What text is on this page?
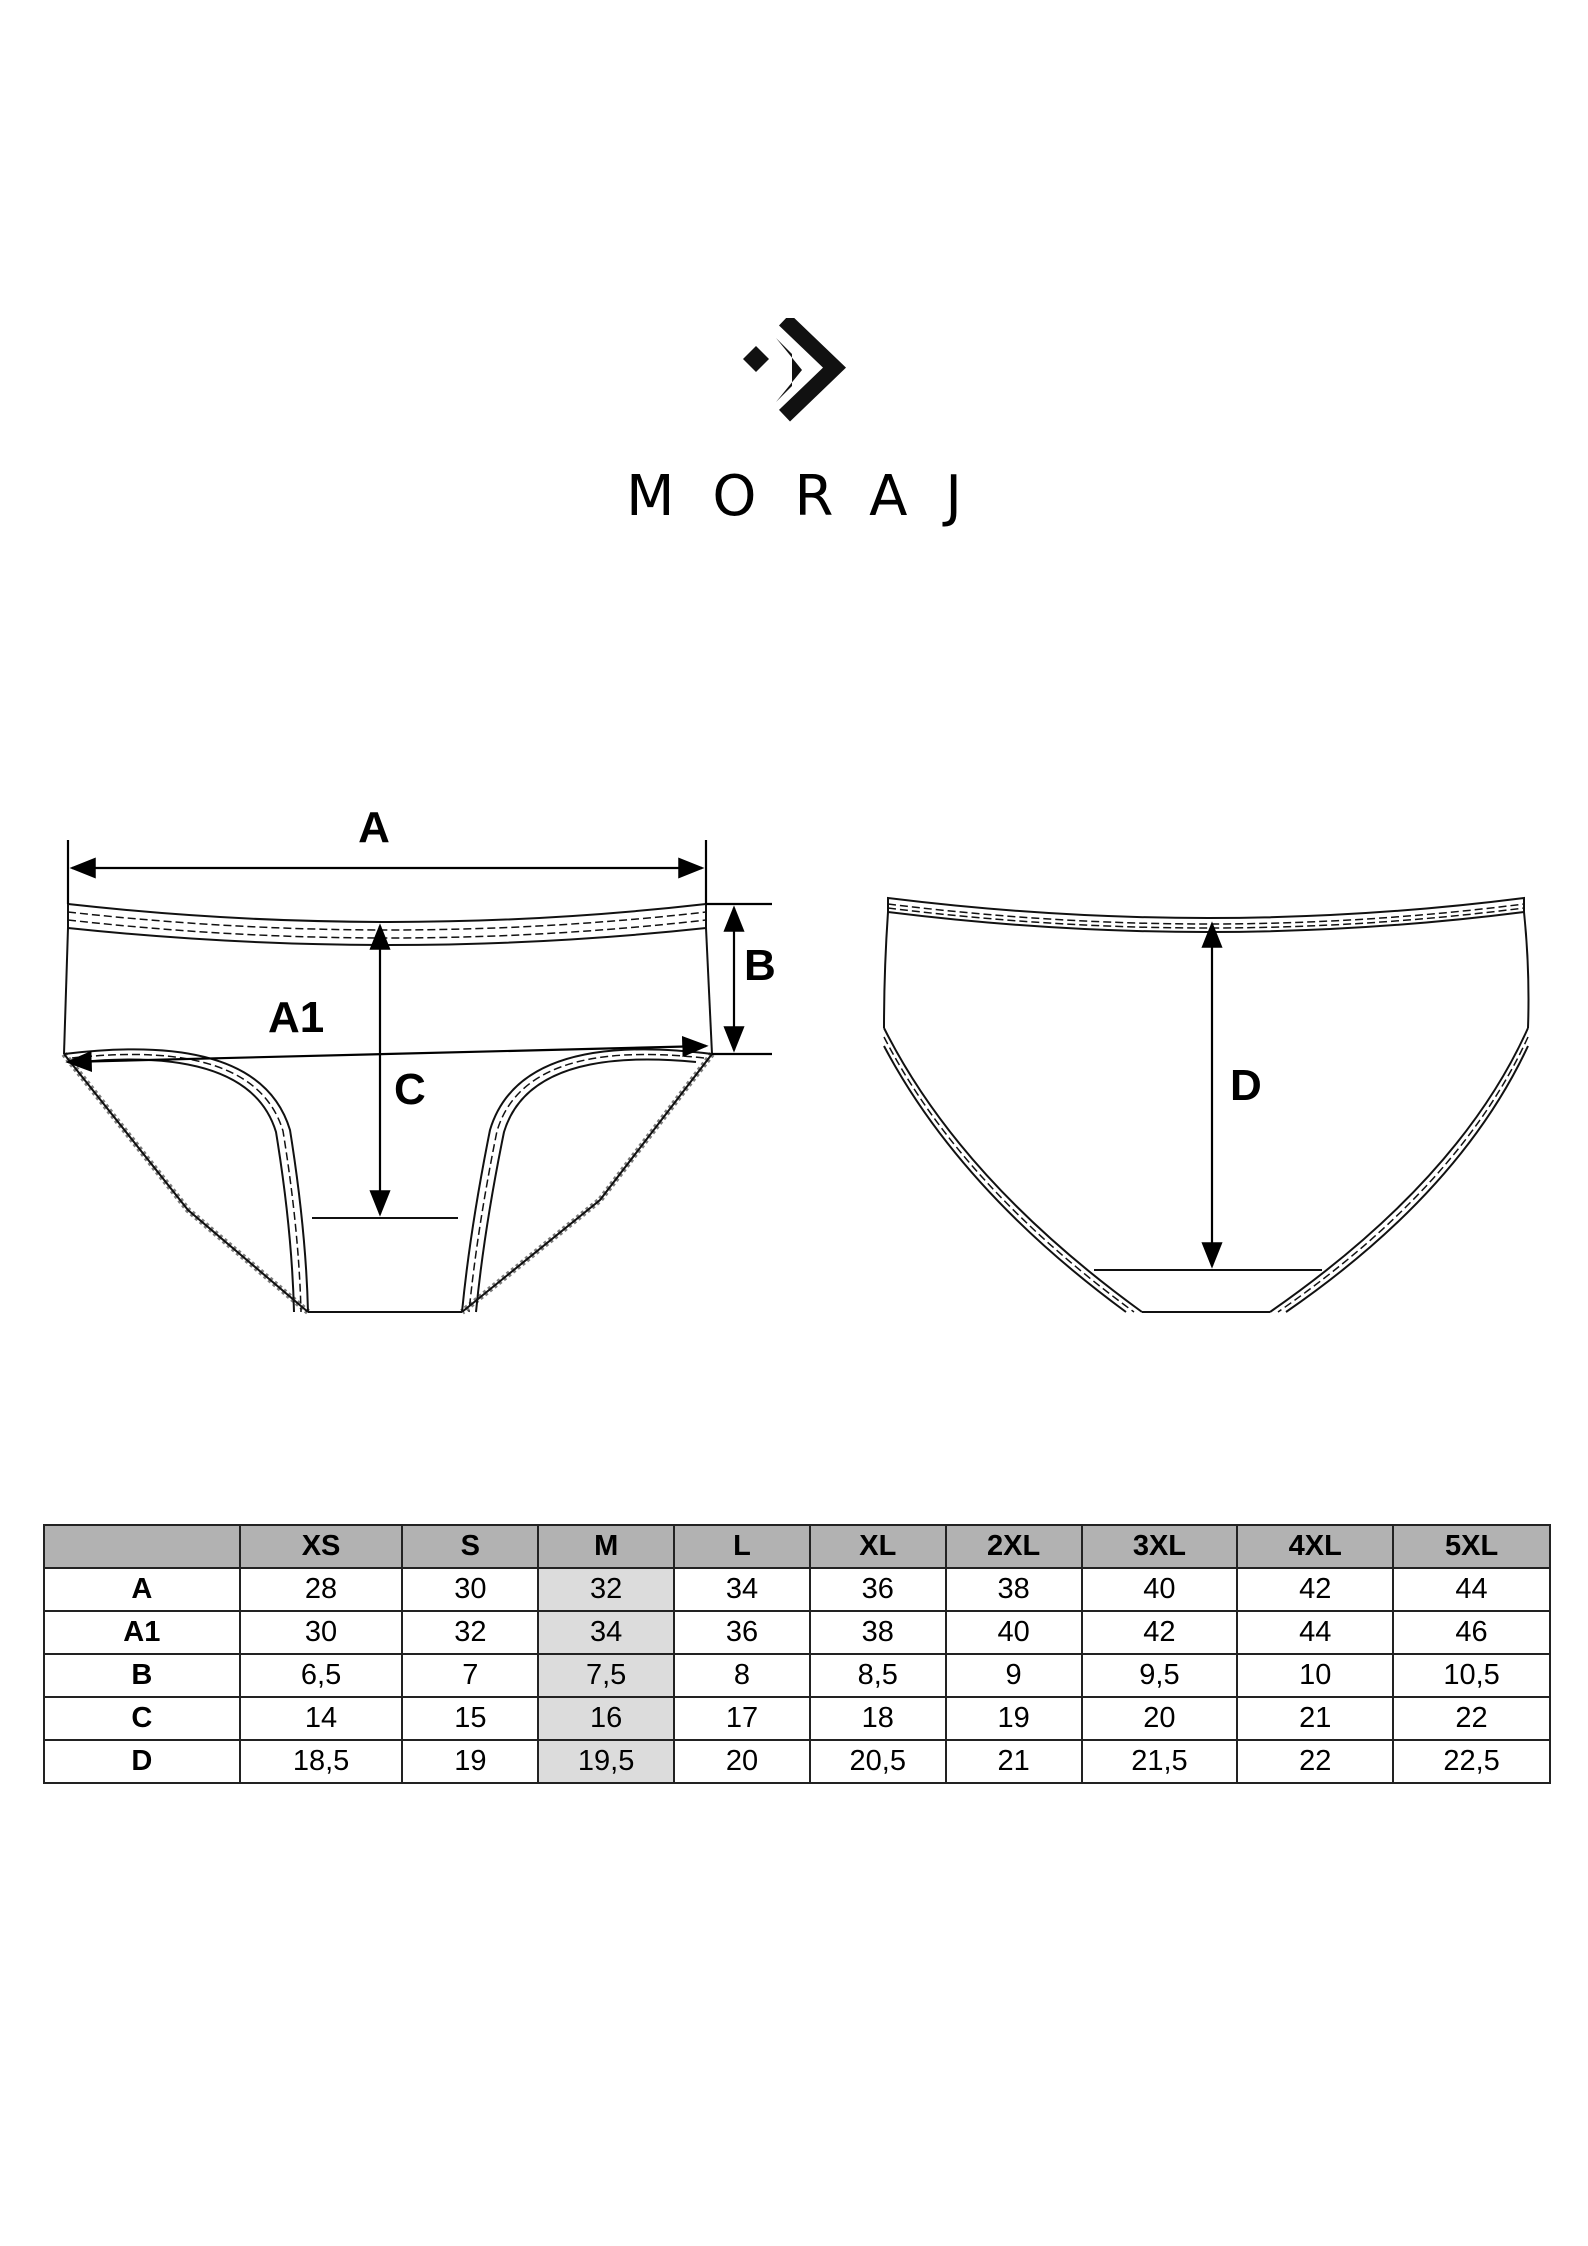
MORAJ
A
B
A1
C	D
	XS	S	M	L	XL	2XL	3XL	4XL	5XL
A	28	30	32	34	36	38	40	42	44
A1	30	32	34	36	38	40	42	44	46
B	6,5	7	7,5	8	8,5	9	9,5	10	10,5
C	14	15	16	17	18	19	20	21	22
D	18,5	19	19,5	20	20,5	21	21,5	22	22,5
